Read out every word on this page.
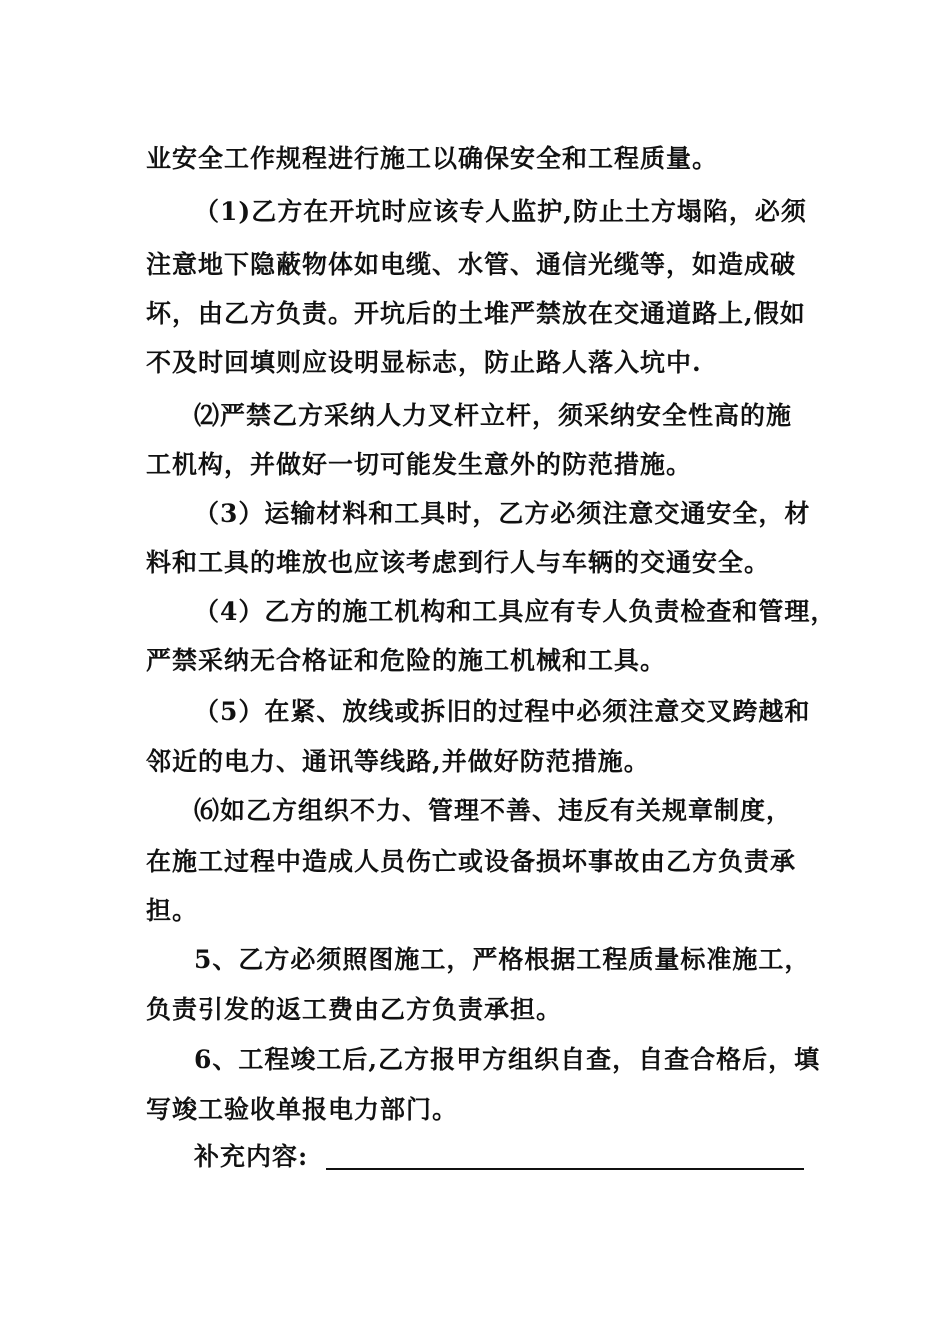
业安全工作规程进行施工以确保安全和工程质量。
（1)乙方在开坑时应该专人监护,防止土方塌陷，必须
注意地下隐蔽物体如电缆、水管、通信光缆等，如造成破
坏，由乙方负责。开坑后的土堆严禁放在交通道路上,假如
不及时回填则应设明显标志，防止路人落入坑中.
⑵严禁乙方采纳人力叉杆立杆，须采纳安全性高的施
工机构，并做好一切可能发生意外的防范措施。
（3）运输材料和工具时，乙方必须注意交通安全，材
料和工具的堆放也应该考虑到行人与车辆的交通安全。
（4）乙方的施工机构和工具应有专人负责检查和管理，
严禁采纳无合格证和危险的施工机械和工具。
（5）在紧、放线或拆旧的过程中必须注意交叉跨越和
邻近的电力、通讯等线路,并做好防范措施。
⑹如乙方组织不力、管理不善、违反有关规章制度，
在施工过程中造成人员伤亡或设备损坏事故由乙方负责承
担。
5、乙方必须照图施工，严格根据工程质量标准施工，
负责引发的返工费由乙方负责承担。
6、工程竣工后,乙方报甲方组织自查，自查合格后，填
写竣工验收单报电力部门。
补充内容:
